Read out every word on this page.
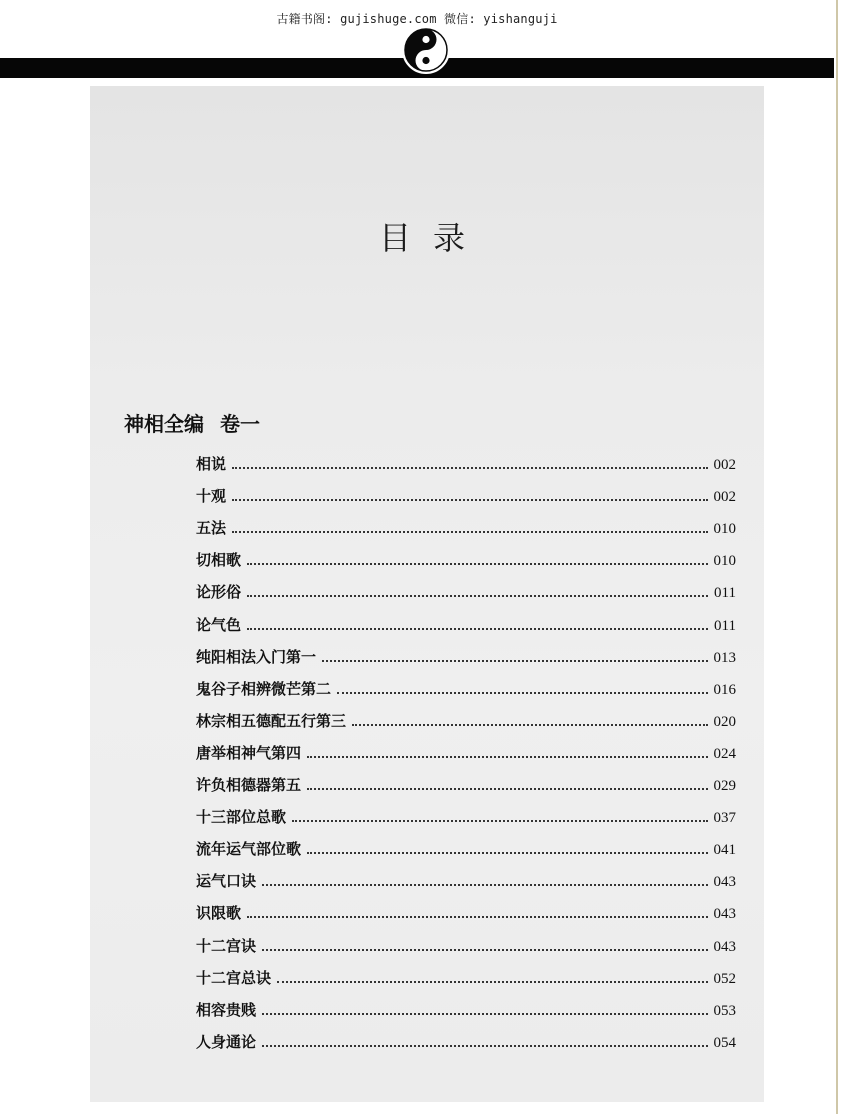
古籍书阁: gujishuge.com 微信: yishanguji
目录
神相全编 卷一
相说	002
十观	002
五法	010
切相歌	010
论形俗	011
论气色	011
纯阳相法入门第一	013
鬼谷子相辨微芒第二	016
林宗相五德配五行第三	020
唐举相神气第四	024
许负相德器第五	029
十三部位总歌	037
流年运气部位歌	041
运气口诀	043
识限歌	043
十二宫诀	043
十二宫总诀	052
相容贵贱	053
人身通论	054
